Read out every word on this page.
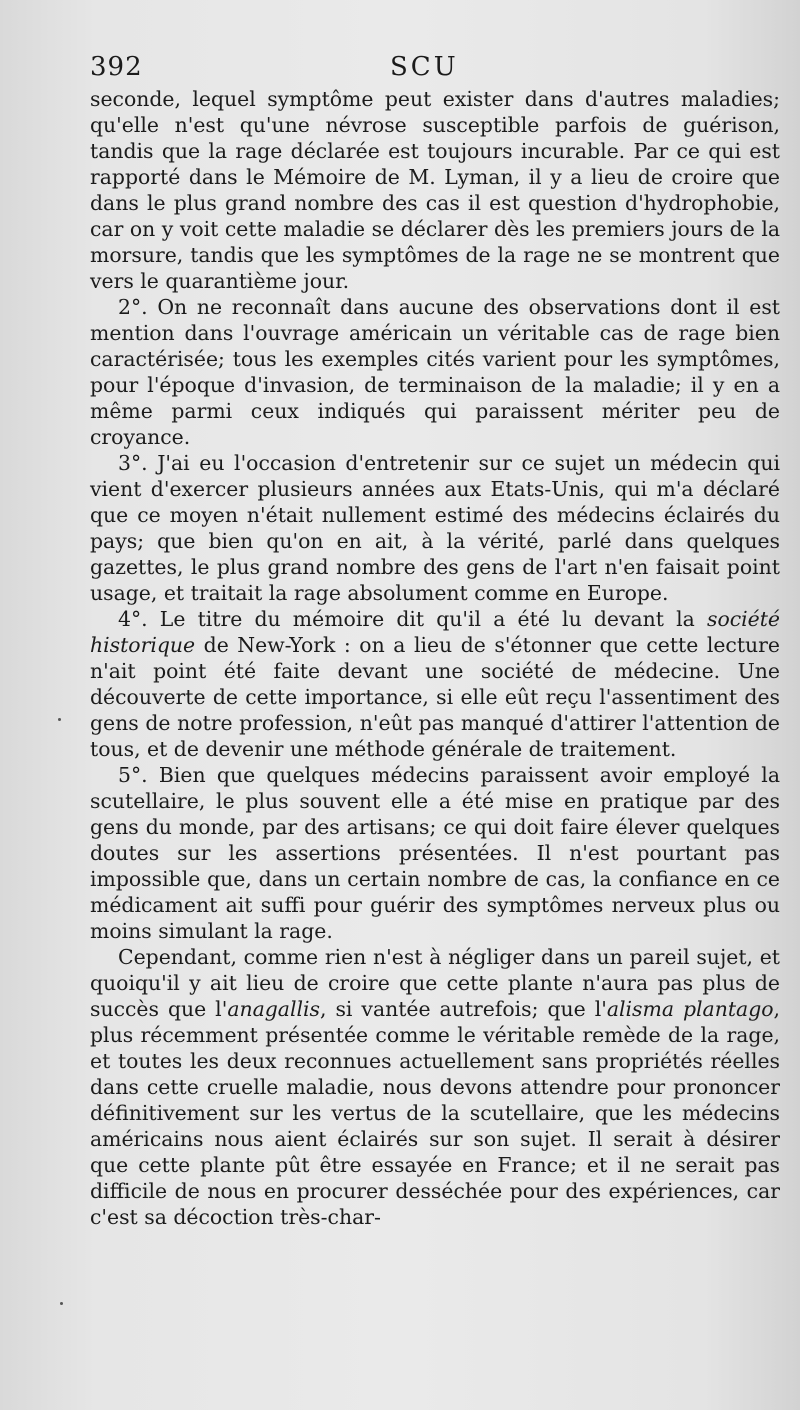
392	SCU

seconde, lequel symptôme peut exister dans d'autres maladies; qu'elle n'est qu'une névrose susceptible parfois de guérison, tandis que la rage déclarée est toujours incurable. Par ce qui est rapporté dans le Mémoire de M. Lyman, il y a lieu de croire que dans le plus grand nombre des cas il est question d'hydrophobie, car on y voit cette maladie se déclarer dès les premiers jours de la morsure, tandis que les symptômes de la rage ne se montrent que vers le quarantième jour.

2°. On ne reconnaît dans aucune des observations dont il est mention dans l'ouvrage américain un véritable cas de rage bien caractérisée; tous les exemples cités varient pour les symptômes, pour l'époque d'invasion, de terminaison de la maladie; il y en a même parmi ceux indiqués qui paraissent mériter peu de croyance.

3°. J'ai eu l'occasion d'entretenir sur ce sujet un médecin qui vient d'exercer plusieurs années aux Etats-Unis, qui m'a déclaré que ce moyen n'était nullement estimé des médecins éclairés du pays; que bien qu'on en ait, à la vérité, parlé dans quelques gazettes, le plus grand nombre des gens de l'art n'en faisait point usage, et traitait la rage absolument comme en Europe.

4°. Le titre du mémoire dit qu'il a été lu devant la société historique de New-York : on a lieu de s'étonner que cette lecture n'ait point été faite devant une société de médecine. Une découverte de cette importance, si elle eût reçu l'assentiment des gens de notre profession, n'eût pas manqué d'attirer l'attention de tous, et de devenir une méthode générale de traitement.

5°. Bien que quelques médecins paraissent avoir employé la scutellaire, le plus souvent elle a été mise en pratique par des gens du monde, par des artisans; ce qui doit faire élever quelques doutes sur les assertions présentées. Il n'est pourtant pas impossible que, dans un certain nombre de cas, la confiance en ce médicament ait suffi pour guérir des symptômes nerveux plus ou moins simulant la rage.

Cependant, comme rien n'est à négliger dans un pareil sujet, et quoiqu'il y ait lieu de croire que cette plante n'aura pas plus de succès que l'anagallis, si vantée autrefois; que l'alisma plantago, plus récemment présentée comme le véritable remède de la rage, et toutes les deux reconnues actuellement sans propriétés réelles dans cette cruelle maladie, nous devons attendre pour prononcer définitivement sur les vertus de la scutellaire, que les médecins américains nous aient éclairés sur son sujet. Il serait à désirer que cette plante pût être essayée en France; et il ne serait pas difficile de nous en procurer desséchée pour des expériences, car c'est sa décoction très-char-
